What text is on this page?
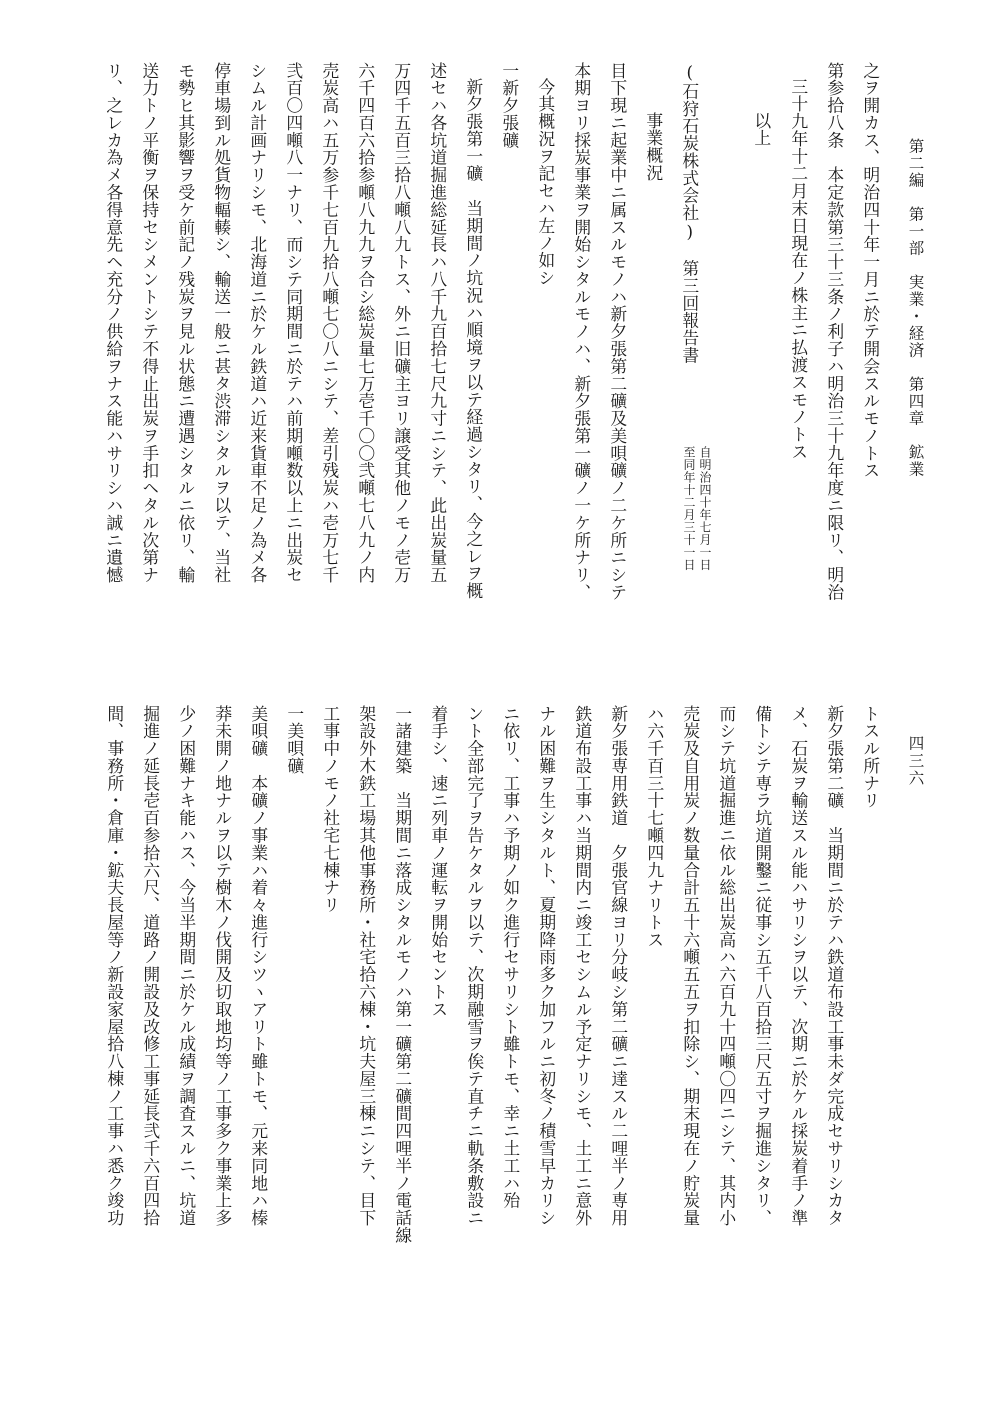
第二編　第一部　実業・経済　第四章　鉱業
四三六
之ヲ開カス、明治四十年一月ニ於テ開会スルモノトス
第参拾八条　本定款第三十三条ノ利子ハ明治三十九年度ニ限リ、明治
三十九年十二月末日現在ノ株主ニ払渡スモノトス
以上
(石狩石炭株式会社)　第三回報告書
自明治四十年七月一日
至同年十二月三十一日
事業概況
目下現ニ起業中ニ属スルモノハ新夕張第二礦及美唄礦ノ二ケ所ニシテ
本期ヨリ採炭事業ヲ開始シタルモノハ、新夕張第一礦ノ一ケ所ナリ、
今其概況ヲ記セハ左ノ如シ
一新夕張礦
新夕張第一礦　当期間ノ坑況ハ順境ヲ以テ経過シタリ、今之レヲ概
述セハ各坑道掘進総延長ハ八千九百拾七尺九寸ニシテ、此出炭量五
万四千五百三拾八噸八九トス、外ニ旧礦主ヨリ譲受其他ノモノ壱万
六千四百六拾参噸八九九ヲ合シ総炭量七万壱千〇〇弐噸七八九ノ内
売炭高ハ五万参千七百九拾八噸七〇八ニシテ、差引残炭ハ壱万七千
弐百〇四噸八一ナリ、而シテ同期間ニ於テハ前期噸数以上ニ出炭セ
シムル計画ナリシモ、北海道ニ於ケル鉄道ハ近来貨車不足ノ為メ各
停車場到ル処貨物輻輳シ、輸送一般ニ甚タ渋滞シタルヲ以テ、当社
モ勢ヒ其影響ヲ受ケ前記ノ残炭ヲ見ル状態ニ遭遇シタルニ依リ、輸
送力トノ平衡ヲ保持セシメントシテ不得止出炭ヲ手扣ヘタル次第ナ
リ、之レカ為メ各得意先ヘ充分ノ供給ヲナス能ハサリシハ誠ニ遺憾
トスル所ナリ
新夕張第二礦　当期間ニ於テハ鉄道布設工事未ダ完成セサリシカタ
メ、石炭ヲ輸送スル能ハサリシヲ以テ、次期ニ於ケル採炭着手ノ準
備トシテ専ラ坑道開鑿ニ従事シ五千八百拾三尺五寸ヲ掘進シタリ、
而シテ坑道掘進ニ依ル総出炭高ハ六百九十四噸〇四ニシテ、其内小
売炭及自用炭ノ数量合計五十六噸五五ヲ扣除シ、期末現在ノ貯炭量
ハ六千百三十七噸四九ナリトス
新夕張専用鉄道　夕張官線ヨリ分岐シ第二礦ニ達スル二哩半ノ専用
鉄道布設工事ハ当期間内ニ竣工セシムル予定ナリシモ、土工ニ意外
ナル困難ヲ生シタルト、夏期降雨多ク加フルニ初冬ノ積雪早カリシ
ニ依リ、工事ハ予期ノ如ク進行セサリシト雖トモ、幸ニ土工ハ殆
ント全部完了ヲ告ケタルヲ以テ、次期融雪ヲ俟テ直チニ軌条敷設ニ
着手シ、速ニ列車ノ運転ヲ開始セントス
一諸建築　当期間ニ落成シタルモノハ第一礦第二礦間四哩半ノ電話線
架設外木鉄工場其他事務所・社宅拾六棟・坑夫屋三棟ニシテ、目下
工事中ノモノ社宅七棟ナリ
一美唄礦
美唄礦　本礦ノ事業ハ着々進行シツヽアリト雖トモ、元来同地ハ榛
莽未開ノ地ナルヲ以テ樹木ノ伐開及切取地均等ノ工事多ク事業上多
少ノ困難ナキ能ハス、今当半期間ニ於ケル成績ヲ調査スルニ、坑道
掘進ノ延長壱百参拾六尺、道路ノ開設及改修工事延長弐千六百四拾
間、事務所・倉庫・鉱夫長屋等ノ新設家屋拾八棟ノ工事ハ悉ク竣功
